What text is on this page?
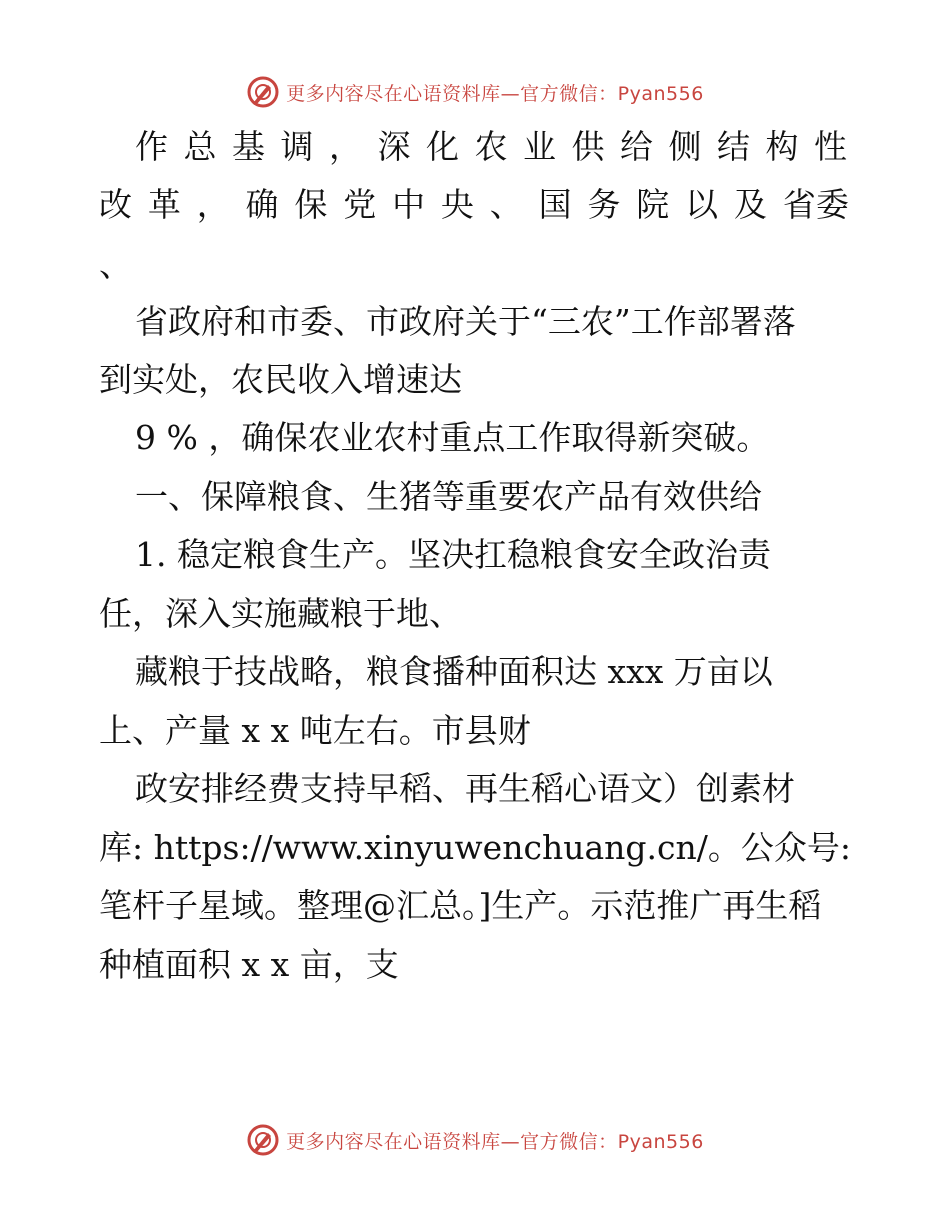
更多内容尽在心语资料库—官方微信：Pyan556
作 总 基 调 ， 深 化 农 业 供 给 侧 结 构 性
改 革 ， 确 保 党 中 央 、 国 务 院 以 及 省委
、
省政府和市委、市政府关于“三农”工作部署落
到实处，农民收入增速达
9 % ，确保农业农村重点工作取得新突破。
一、保障粮食、生猪等重要农产品有效供给
1. 稳定粮食生产。坚决扛稳粮食安全政治责
任，深入实施藏粮于地、
藏粮于技战略，粮食播种面积达 xxx 万亩以
上、产量 x x 吨左右。市县财
政安排经费支持早稻、再生稻心语文）创素材
库: https://www.xinyuwenchuang.cn/。公众号:
笔杆子星域。整理@汇总。]生产。示范推广再生稻
种植面积 x x 亩，支
更多内容尽在心语资料库—官方微信：Pyan556
